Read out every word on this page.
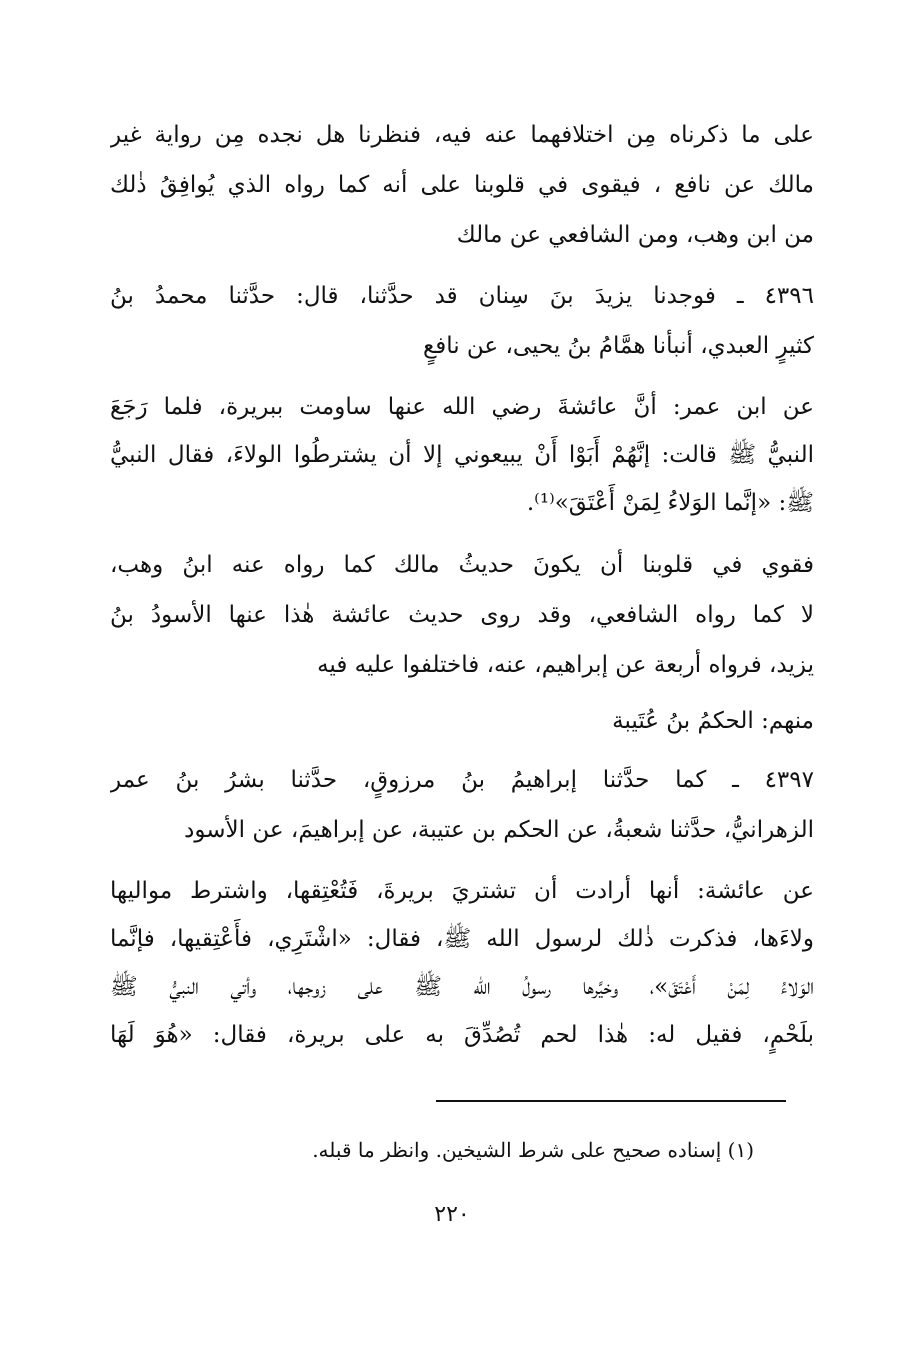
على ما ذكرناه مِن اختلافهما عنه فيه، فنظرنا هل نجده مِن رواية غير
مالك عن نافع ، فيقوى في قلوبنا على أنه كما رواه الذي يُوافِقُ ذٰلك
من ابن وهب، ومن الشافعي عن مالك
٤٣٩٦ ـ فوجدنا يزيدَ بنَ سِنان قد حدَّثنا، قال: حدَّثنا محمدُ بنُ
كثيرٍ العبدي، أنبأنا همَّامُ بنُ يحيى، عن نافعٍ
عن ابن عمر: أنَّ عائشةَ رضي الله عنها ساومت ببريرة، فلما رَجَعَ
النبيُّ ﷺ قالت: إنَّهُمْ أَبَوْا أَنْ يبيعوني إلا أن يشترطُوا الولاءَ، فقال النبيُّ
ﷺ: «إنَّما الوَلاءُ لِمَنْ أَعْتَقَ»⁽¹⁾.
فقوي في قلوبنا أن يكونَ حديثُ مالك كما رواه عنه ابنُ وهب،
لا كما رواه الشافعي، وقد روى حديث عائشة هٰذا عنها الأسودُ بنُ
يزيد، فرواه أربعة عن إبراهيم، عنه، فاختلفوا عليه فيه
منهم: الحكمُ بنُ عُتَيبة
٤٣٩٧ ـ كما حدَّثنا إبراهيمُ بنُ مرزوقٍ، حدَّثنا بشرُ بنُ عمر
الزهرانيُّ، حدَّثنا شعبةُ، عن الحكم بن عتيبة، عن إبراهيمَ، عن الأسود
عن عائشة: أنها أرادت أن تشتريَ بريرةَ، فَتُعْتِقها، واشترط مواليها
ولاءَها، فذكرت ذٰلك لرسول الله ﷺ، فقال: «اشْتَرِي، فأَعْتِقيها، فإنَّما
الوَلاءُ لِمَنْ أَعْتَقَ»، وخيَّرها رسولُ الله ﷺ على زوجها، وأتي النبيُّ ﷺ
بلَحْمٍ، فقيل له: هٰذا لحم تُصُدِّقَ به على بريرة، فقال: «هُوَ لَهَا
(١) إسناده صحيح على شرط الشيخين. وانظر ما قبله.
٢٢٠
